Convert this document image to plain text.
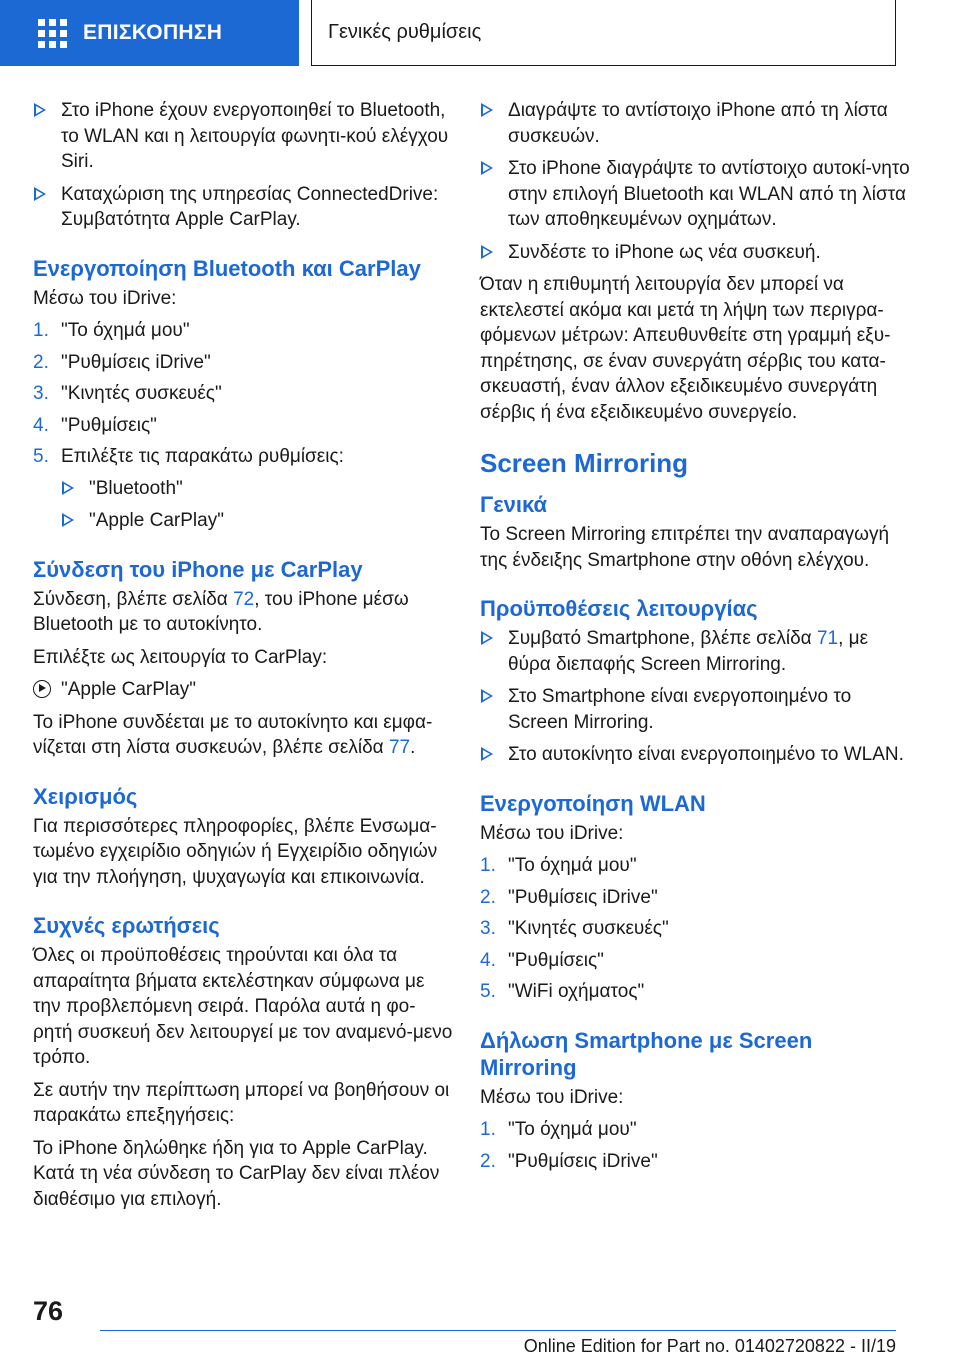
ΕΠΙΣΚΟΠΗΣΗ	Γενικές ρυθμίσεις
Στο iPhone έχουν ενεργοποιηθεί το Bluetooth, το WLAN και η λειτουργία φωνητι-κού ελέγχου Siri.
Καταχώριση της υπηρεσίας ConnectedDrive: Συμβατότητα Apple CarPlay.
Ενεργοποίηση Bluetooth και CarPlay

Μέσω του iDrive:

1. "Το όχημά μου"
2. "Ρυθμίσεις iDrive"
3. "Κινητές συσκευές"
4. "Ρυθμίσεις"
5. Επιλέξτε τις παρακάτω ρυθμίσεις:
"Bluetooth"
"Apple CarPlay"
Σύνδεση του iPhone με CarPlay

Σύνδεση, βλέπε σελίδα 72, του iPhone μέσω Bluetooth με το αυτοκίνητο.

Επιλέξτε ως λειτουργία το CarPlay:

"Apple CarPlay"

Το iPhone συνδέεται με το αυτοκίνητο και εμφα-νίζεται στη λίστα συσκευών, βλέπε σελίδα 77.

Χειρισμός

Για περισσότερες πληροφορίες, βλέπε Ενσωμα-τωμένο εγχειρίδιο οδηγιών ή Εγχειρίδιο οδηγιών για την πλοήγηση, ψυχαγωγία και επικοινωνία.

Συχνές ερωτήσεις

Όλες οι προϋποθέσεις τηρούνται και όλα τα απαραίτητα βήματα εκτελέστηκαν σύμφωνα με την προβλεπόμενη σειρά. Παρόλα αυτά η φο-ρητή συσκευή δεν λειτουργεί με τον αναμενό-μενο τρόπο.

Σε αυτήν την περίπτωση μπορεί να βοηθήσουν οι παρακάτω επεξηγήσεις:

Το iPhone δηλώθηκε ήδη για το Apple CarPlay. Κατά τη νέα σύνδεση το CarPlay δεν είναι πλέον διαθέσιμο για επιλογή.

Διαγράψτε το αντίστοιχο iPhone από τη λίστα συσκευών.
Στο iPhone διαγράψτε το αντίστοιχο αυτοκί-νητο στην επιλογή Bluetooth και WLAN από τη λίστα των αποθηκευμένων οχημάτων.
Συνδέστε το iPhone ως νέα συσκευή.

Όταν η επιθυμητή λειτουργία δεν μπορεί να εκτελεστεί ακόμα και μετά τη λήψη των περιγρα-φόμενων μέτρων: Απευθυνθείτε στη γραμμή εξυ-πηρέτησης, σε έναν συνεργάτη σέρβις του κατα-σκευαστή, έναν άλλον εξειδικευμένο συνεργάτη σέρβις ή ένα εξειδικευμένο συνεργείο.

Screen Mirroring
Γενικά

Το Screen Mirroring επιτρέπει την αναπαραγωγή της ένδειξης Smartphone στην οθόνη ελέγχου.

Προϋποθέσεις λειτουργίας
Συμβατό Smartphone, βλέπε σελίδα 71, με θύρα διεπαφής Screen Mirroring.
Στο Smartphone είναι ενεργοποιημένο το Screen Mirroring.
Στο αυτοκίνητο είναι ενεργοποιημένο το WLAN.
Ενεργοποίηση WLAN

Μέσω του iDrive:

1. "Το όχημά μου"
2. "Ρυθμίσεις iDrive"
3. "Κινητές συσκευές"
4. "Ρυθμίσεις"
5. "WiFi οχήματος"
Δήλωση Smartphone με Screen Mirroring

Μέσω του iDrive:

1. "Το όχημά μου"
2. "Ρυθμίσεις iDrive"
76
Online Edition for Part no. 01402720822 - II/19
